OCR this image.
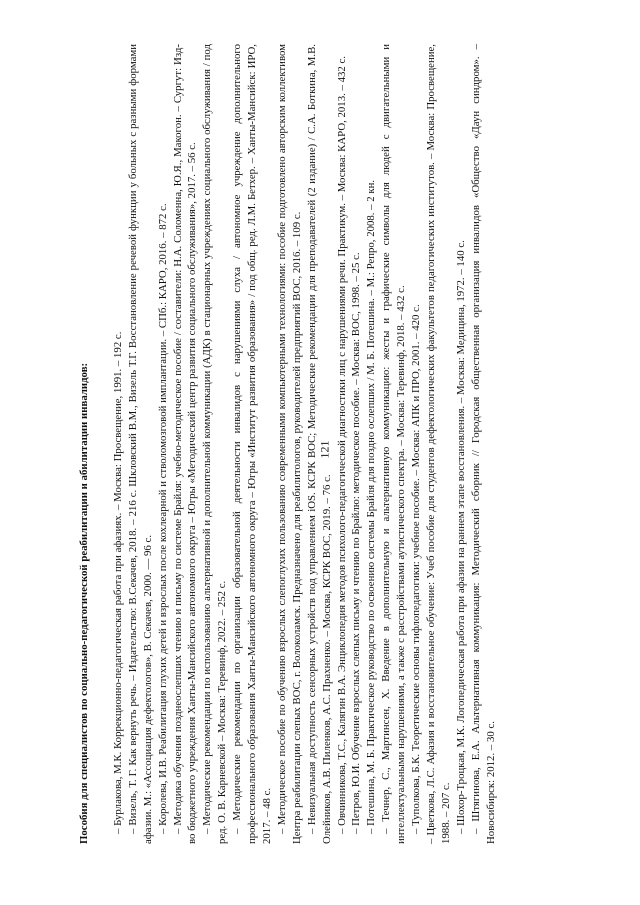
121
Пособия для специалистов по социально-педагогической реабилитации и абилитации инвалидов: – Бурлакова, М.К. Коррекционно-педагогическая работа при афазиях. – Москва: Просвещение, 1991. – 192 с. – Визель, Т. Г. Как вернуть речь. – Издательство: В.Секачев, 2018. – 216 с. Шкловский В.М., Визель Т.Г. Восстановление речевой функции у больных с разными формами афазии. М.: «Ассоциация дефектологов», В. Секачев, 2000. — 96 с. – Королева, И.В. Реабилитация глухих детей и взрослых после кохлеарной и стволомозговой имплантации. – СПб.: КАРО, 2016. – 872 с. – Методика обучения позднеослепших чтению и письму по системе Брайля: учебно-методическое пособие / составители: Н.А. Соломенна, Ю.Я., Макогон. – Сургут: Изд-во бюджетного учреждения Ханты-Мансийского автономного округа – Югры «Методический центр развития социального обслуживания», 2017. – 56 с. – Методические рекомендации по использованию альтернативной и дополнительной коммуникации (АДК) в стационарных учреждениях социального обслуживания / под ред. О. В. Карневской – Москва: Теревинф, 2022. – 252 с. – Методические рекомендации по организации образовательной деятельности инвалидов с нарушениями слуха / автономное учреждение дополнительного профессионального образования Ханты-Мансийского автономного округа – Югры «Институт развития образования» / под общ. ред. Л.М. Бетхер. – Ханты-Мансийск: ИРО, 2017. – 48 с. – Методическое пособие по обучению взрослых слепоглухих пользованию современными компьютерными технологиями: пособие подготовлено авторским коллективом Центра реабилитации слепых ВОС, г. Волоколамск. Предназначено для реабилитологов, руководителей предприятий ВОС, 2016. – 109 с. – Невизуальная доступность сенсорных устройств под управлением iOS. КСРК ВОС; Методические рекомендации для преподавателей (2 издание) / С.А. Боткина, М.В. Олейников, А.В. Пиленков, А.С. Прахненко. – Москва, КСРК ВОС, 2019. – 76 с. – Овчинникова, Т.С., Калягин В.А. Энциклопедия методов психолого-педагогической диагностики лиц с нарушениями речи. Практикум. – Москва: КАРО, 2013. – 432 с. – Петров, Ю.И. Обучение взрослых слепых письму и чтению по Брайлю: методическое пособие. – Москва: ВОС, 1998. – 25 с. – Потешина, М. Б. Практическое руководство по освоению системы Брайля для поздно ослепших / М. Б. Потешина. – М.: Репро, 2008. – 2 кн. – Течнер, С., Мартинсен, Х. Введение в дополнительную и альтернативную коммуникацию: жесты и графические символы для людей с двигательными и интеллектуальными нарушениями, а также с расстройствами аутистического спектра. – Москва: Теревинф, 2018. – 432 с. – Туполкова, Б.К. Теоретические основы тифлопедагогики: учебное пособие. – Москва: АПК и ПРО, 2001. – 420 с. – Цветкова, Л.С. Афазия и восстановительное обучение: Учеб пособие для студентов дефектологических факультетов педагогических институтов. – Москва: Просвещение, 1988. – 207 с. – Шохор-Троцкая, М.К. Логопедическая работа при афазии на раннем этапе восстановления. – Москва: Медицина, 1972. – 140 с. – Штягинова, Е.А. Альтернативная коммуникация: Методический сборник // Городская общественная организация инвалидов «Общество «Даун синдром». – Новосибирск: 2012. – 30 с.
